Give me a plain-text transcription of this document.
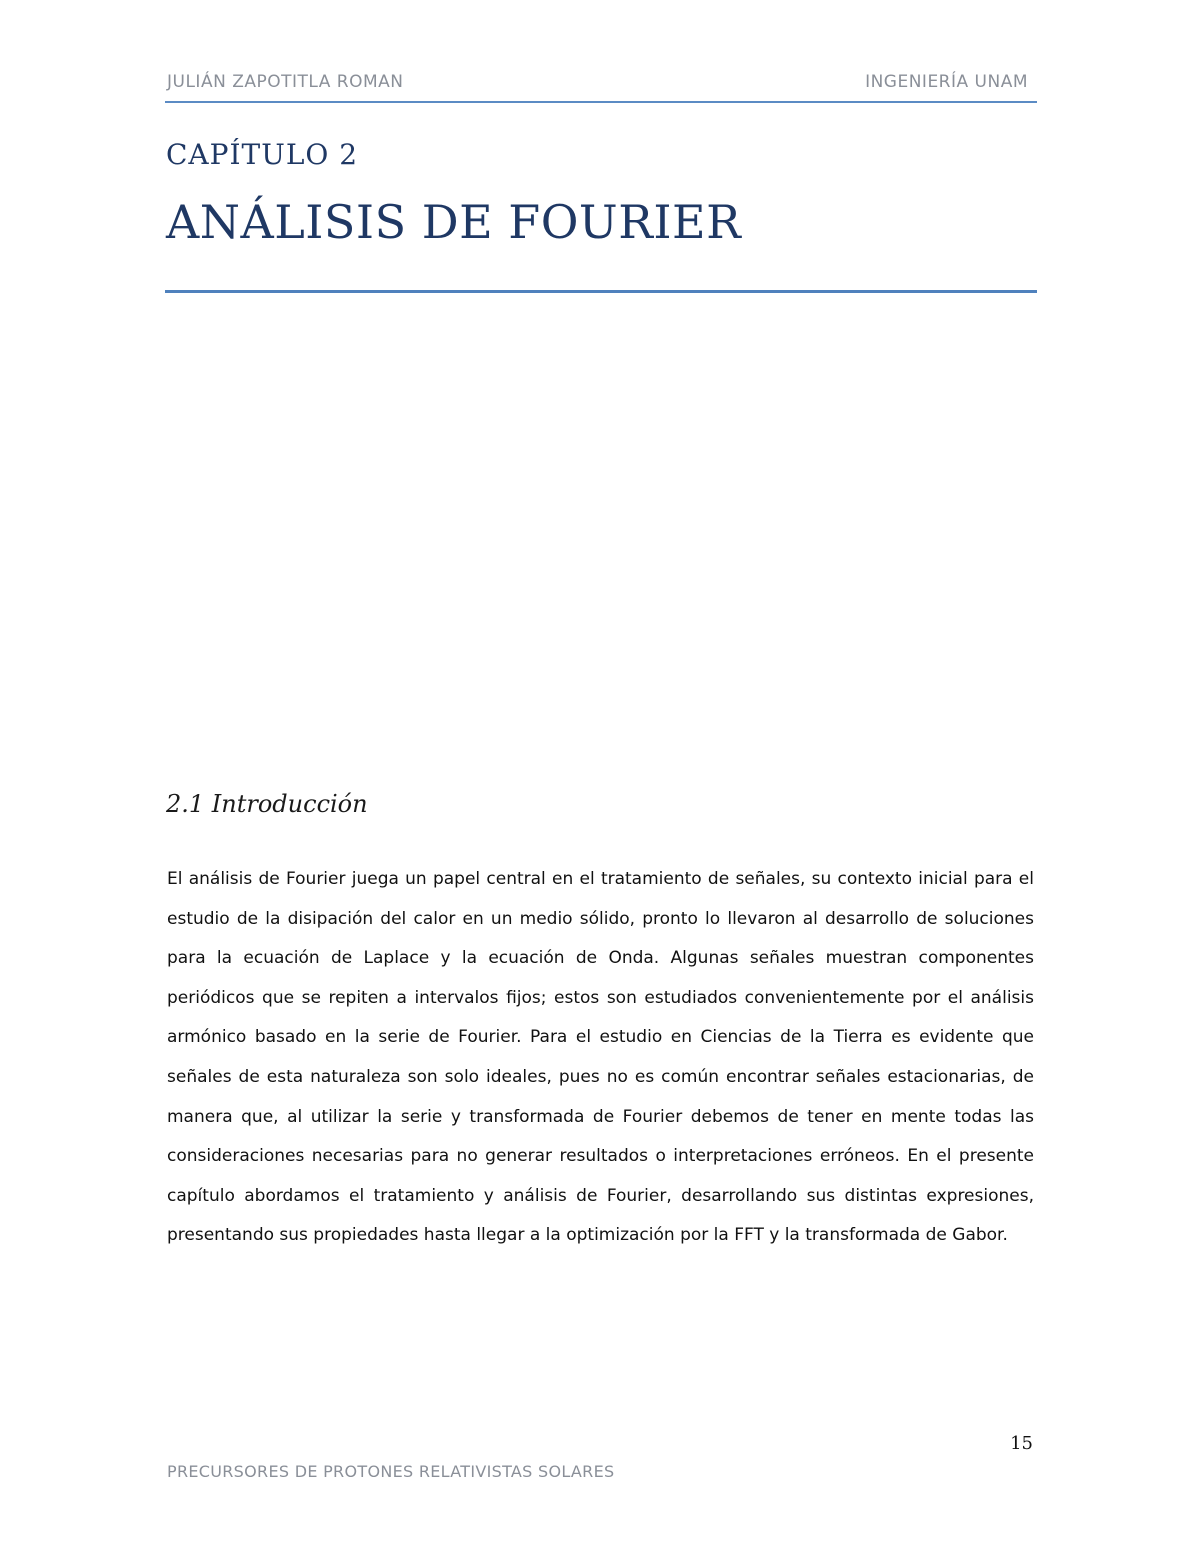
JULIÁN ZAPOTITLA ROMAN	INGENIERÍA UNAM
CAPÍTULO 2
ANÁLISIS DE FOURIER
2.1 Introducción

El análisis de Fourier juega un papel central en el tratamiento de señales, su contexto inicial para el estudio de la disipación del calor en un medio sólido, pronto lo llevaron al desarrollo de soluciones para la ecuación de Laplace y la ecuación de Onda. Algunas señales muestran componentes periódicos que se repiten a intervalos fijos; estos son estudiados convenientemente por el análisis armónico basado en la serie de Fourier. Para el estudio en Ciencias de la Tierra es evidente que señales de esta naturaleza son solo ideales, pues no es común encontrar señales estacionarias, de manera que, al utilizar la serie y transformada de Fourier debemos de tener en mente todas las consideraciones necesarias para no generar resultados o interpretaciones erróneos. En el presente capítulo abordamos el tratamiento y análisis de Fourier, desarrollando sus distintas expresiones, presentando sus propiedades hasta llegar a la optimización por la FFT y la transformada de Gabor.

15
PRECURSORES DE PROTONES RELATIVISTAS SOLARES
